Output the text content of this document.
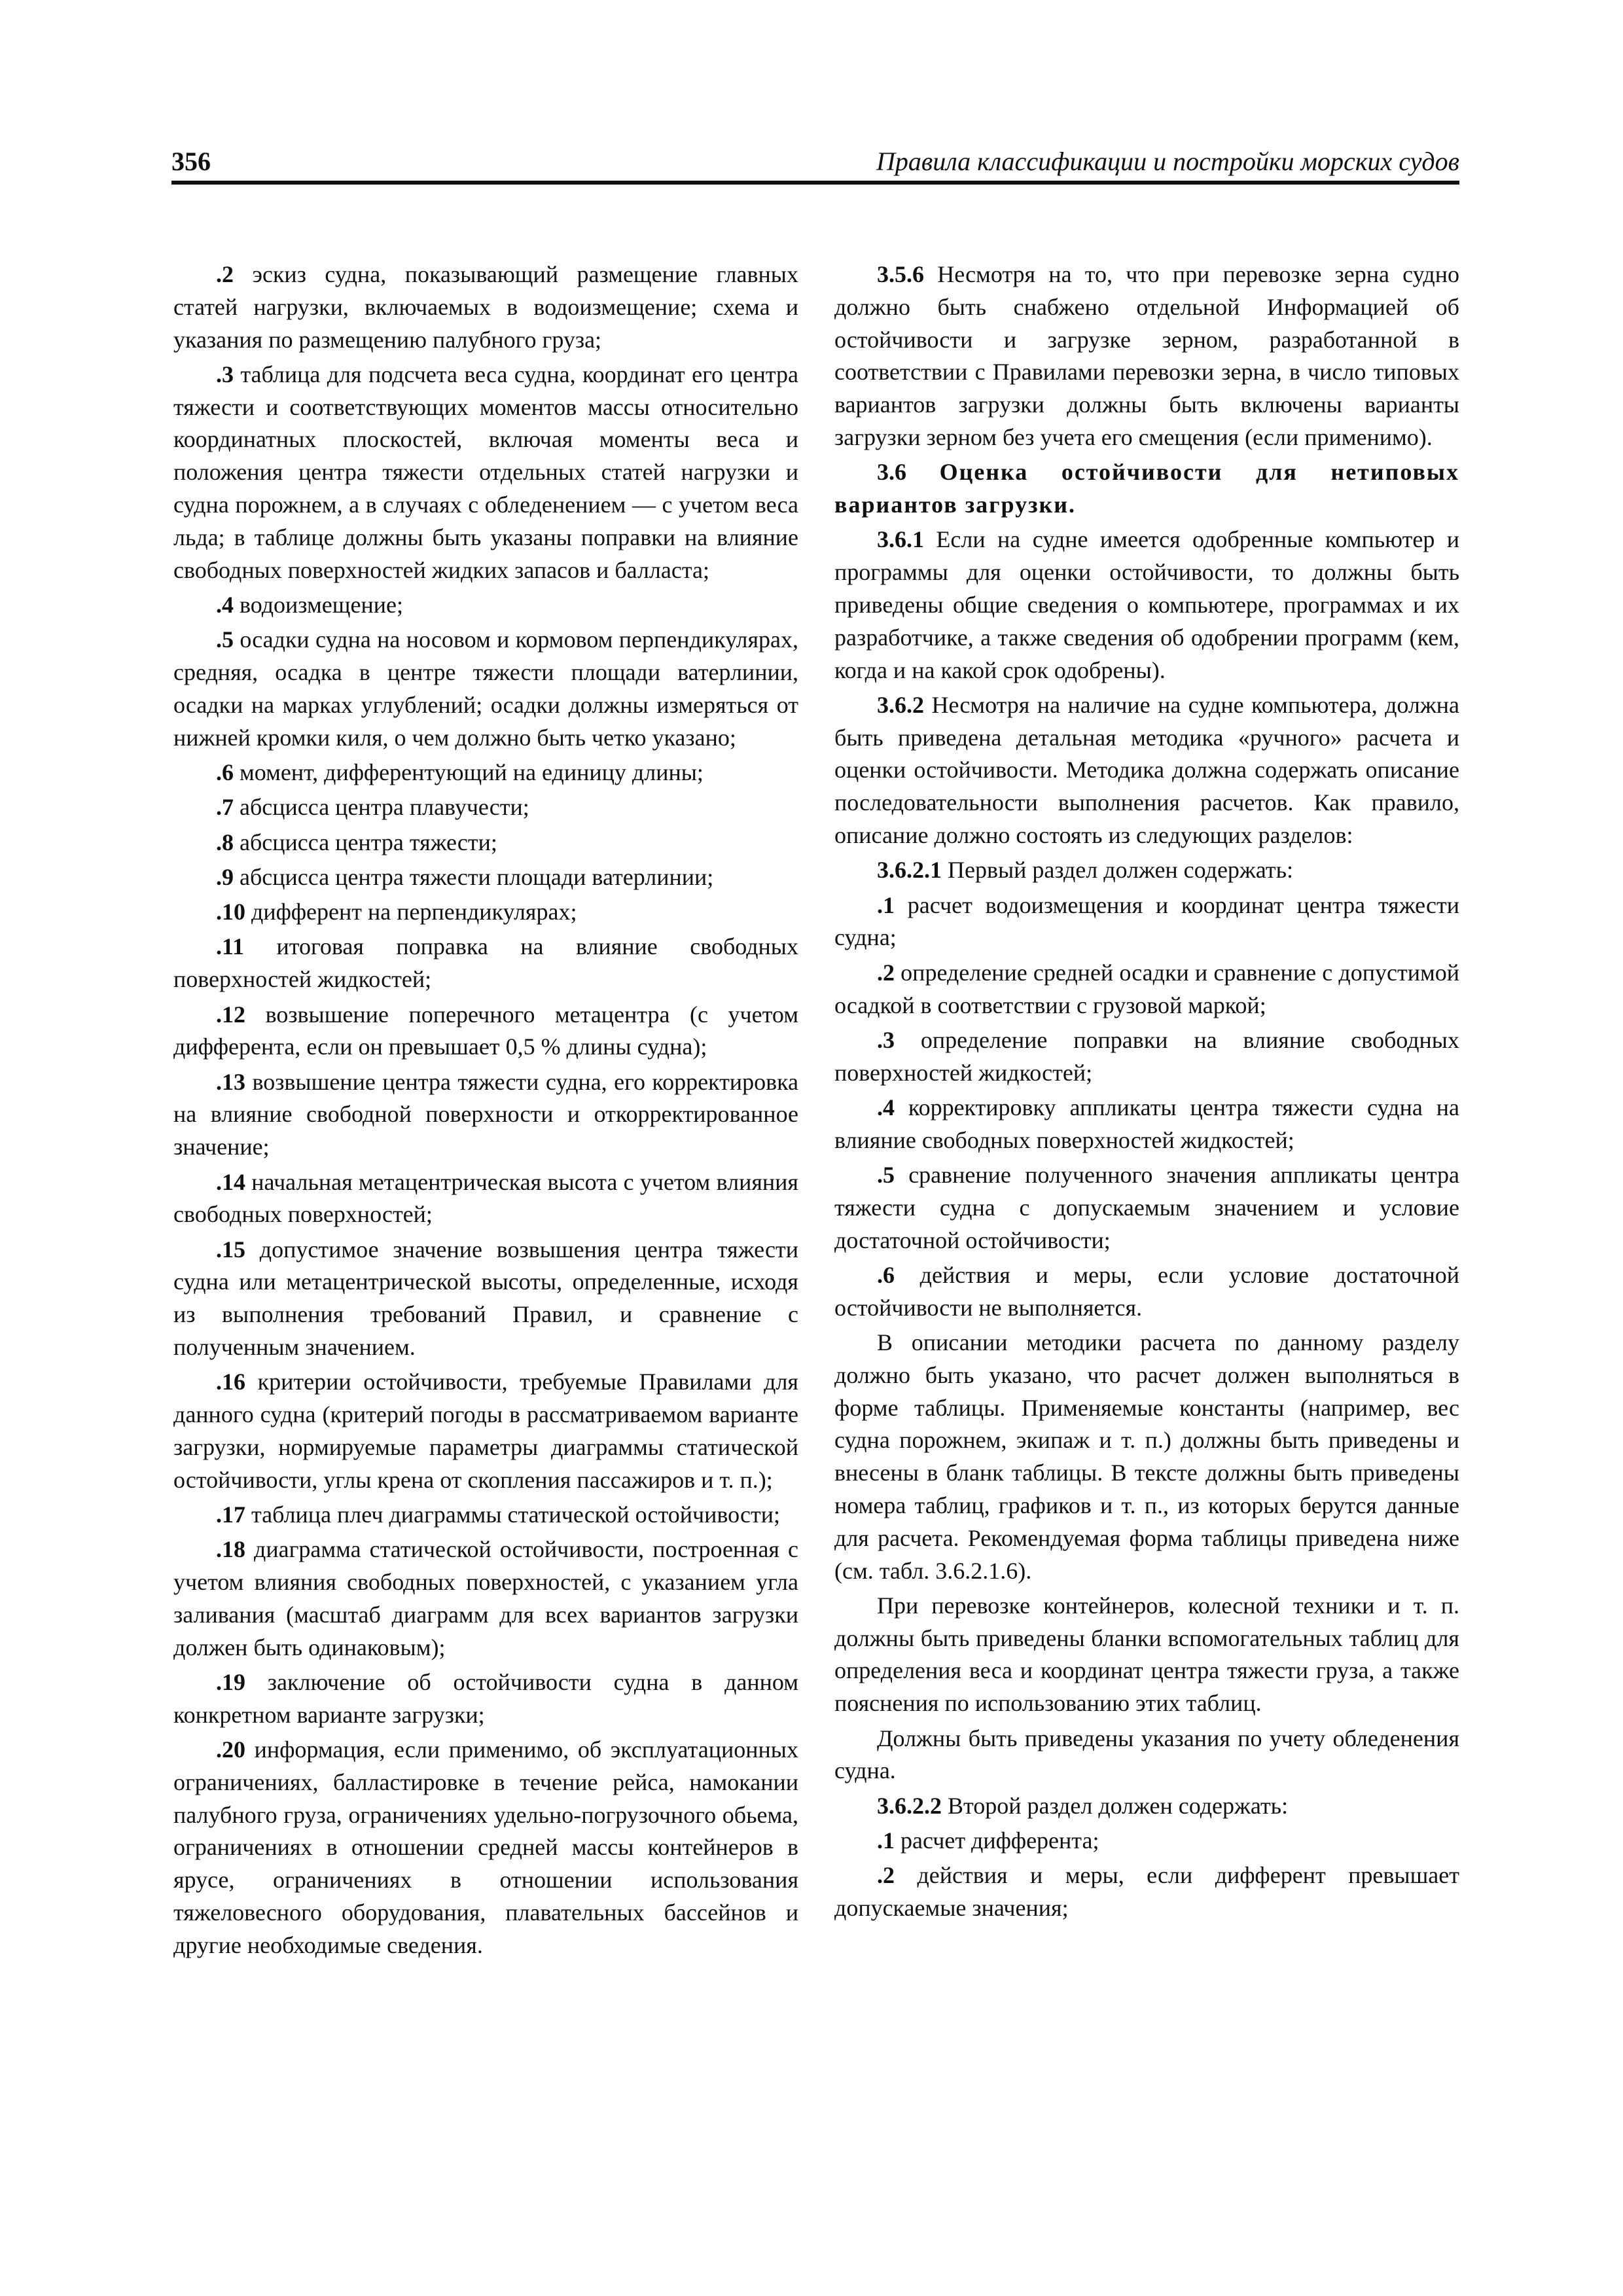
356	Правила классификации и постройки морских судов

.2 эскиз судна, показывающий размещение главных статей нагрузки, включаемых в водоизмещение; схема и указания по размещению палубного груза;

.3 таблица для подсчета веса судна, координат его центра тяжести и соответствующих моментов массы относительно координатных плоскостей, включая моменты веса и положения центра тяжести отдельных статей нагрузки и судна порожнем, а в случаях с обледенением — с учетом веса льда; в таблице должны быть указаны поправки на влияние свободных поверхностей жидких запасов и балласта;

.4 водоизмещение;

.5 осадки судна на носовом и кормовом перпендикулярах, средняя, осадка в центре тяжести площади ватерлинии, осадки на марках углублений; осадки должны измеряться от нижней кромки киля, о чем должно быть четко указано;

.6 момент, дифферентующий на единицу длины;

.7 абсцисса центра плавучести;

.8 абсцисса центра тяжести;

.9 абсцисса центра тяжести площади ватерлинии;

.10 дифферент на перпендикулярах;

.11 итоговая поправка на влияние свободных поверхностей жидкостей;

.12 возвышение поперечного метацентра (с учетом дифферента, если он превышает 0,5 % длины судна);

.13 возвышение центра тяжести судна, его корректировка на влияние свободной поверхности и откорректированное значение;

.14 начальная метацентрическая высота с учетом влияния свободных поверхностей;

.15 допустимое значение возвышения центра тяжести судна или метацентрической высоты, определенные, исходя из выполнения требований Правил, и сравнение с полученным значением.

.16 критерии остойчивости, требуемые Правилами для данного судна (критерий погоды в рассматриваемом варианте загрузки, нормируемые параметры диаграммы статической остойчивости, углы крена от скопления пассажиров и т. п.);

.17 таблица плеч диаграммы статической остойчивости;

.18 диаграмма статической остойчивости, построенная с учетом влияния свободных поверхностей, с указанием угла заливания (масштаб диаграмм для всех вариантов загрузки должен быть одинаковым);

.19 заключение об остойчивости судна в данном конкретном варианте загрузки;

.20 информация, если применимо, об эксплуатационных ограничениях, балластировке в течение рейса, намокании палубного груза, ограничениях удельно-погрузочного обьема, ограничениях в отношении средней массы контейнеров в ярусе, ограничениях в отношении использования тяжеловесного оборудования, плавательных бассейнов и другие необходимые сведения.

3.5.6 Несмотря на то, что при перевозке зерна судно должно быть снабжено отдельной Информацией об остойчивости и загрузке зерном, разработанной в соответствии с Правилами перевозки зерна, в число типовых вариантов загрузки должны быть включены варианты загрузки зерном без учета его смещения (если применимо).

3.6 Оценка остойчивости для нетиповых вариантов загрузки.

3.6.1 Если на судне имеется одобренные компьютер и программы для оценки остойчивости, то должны быть приведены общие сведения о компьютере, программах и их разработчике, а также сведения об одобрении программ (кем, когда и на какой срок одобрены).

3.6.2 Несмотря на наличие на судне компьютера, должна быть приведена детальная методика «ручного» расчета и оценки остойчивости. Методика должна содержать описание последовательности выполнения расчетов. Как правило, описание должно состоять из следующих разделов:

3.6.2.1 Первый раздел должен содержать:

.1 расчет водоизмещения и координат центра тяжести судна;

.2 определение средней осадки и сравнение с допустимой осадкой в соответствии с грузовой маркой;

.3 определение поправки на влияние свободных поверхностей жидкостей;

.4 корректировку аппликаты центра тяжести судна на влияние свободных поверхностей жидкостей;

.5 сравнение полученного значения аппликаты центра тяжести судна с допускаемым значением и условие достаточной остойчивости;

.6 действия и меры, если условие достаточной остойчивости не выполняется.

В описании методики расчета по данному разделу должно быть указано, что расчет должен выполняться в форме таблицы. Применяемые константы (например, вес судна порожнем, экипаж и т. п.) должны быть приведены и внесены в бланк таблицы. В тексте должны быть приведены номера таблиц, графиков и т. п., из которых берутся данные для расчета. Рекомендуемая форма таблицы приведена ниже (см. табл. 3.6.2.1.6).

При перевозке контейнеров, колесной техники и т. п. должны быть приведены бланки вспомогательных таблиц для определения веса и координат центра тяжести груза, а также пояснения по использованию этих таблиц.

Должны быть приведены указания по учету обледенения судна.

3.6.2.2 Второй раздел должен содержать:

.1 расчет дифферента;

.2 действия и меры, если дифферент превышает допускаемые значения;
